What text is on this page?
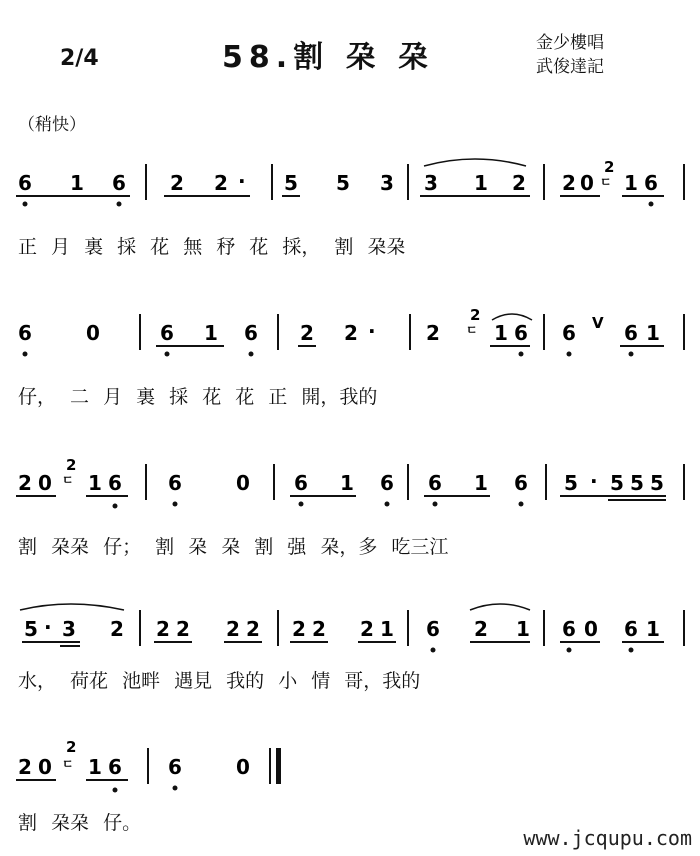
2/4	58.割 朶 朶	金少樓唱
武俊達記
（稍快）
6 1 6 2 2 · 5 5 3 3 1 2 2 0
2
ㄷ 1 6
正 月 裏 採 花 無 𥝱 花 採， 割 朶朶
6	0	6 1 6 2 2 ·	2
2
ㄷ 1 6 6 V 6 1
仔， 二 月 裏 採 花 花 正 開，我的
2 0
2
ㄷ 1 6 6	0 6 1 6 6 1 6 5 · 5 5 5
割 朶朶 仔； 割 朶 朶 割 强 朶，多 吃三江
5 · 3 2 2 2 2 2 2 2 2 1 6 2 1 6 0 6 1
水， 荷花 池畔 遇見 我的 小 情 哥，我的
2 0
2
ㄷ 1 6 6	0
割 朶朶 仔。
www.jcqupu.com
